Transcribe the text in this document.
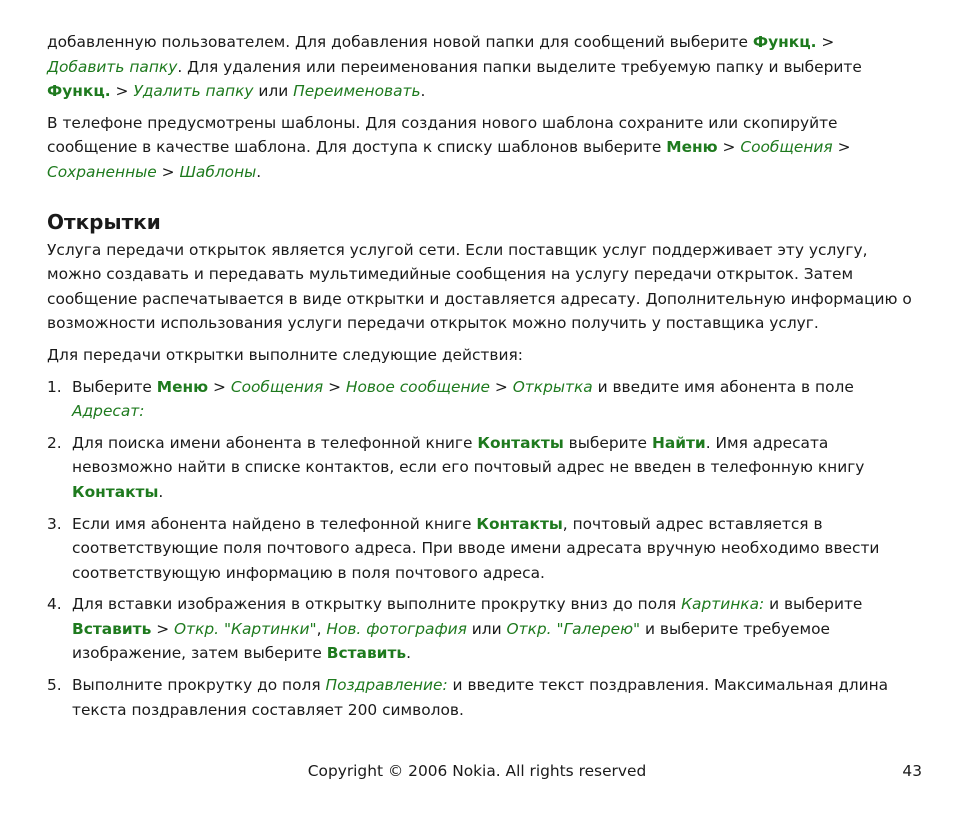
добавленную пользователем. Для добавления новой папки для сообщений выберите Функц. > Добавить папку. Для удаления или переименования папки выделите требуемую папку и выберите Функц. > Удалить папку или Переименовать.

В телефоне предусмотрены шаблоны. Для создания нового шаблона сохраните или скопируйте сообщение в качестве шаблона. Для доступа к списку шаблонов выберите Меню > Сообщения > Сохраненные > Шаблоны.

Открытки

Услуга передачи открыток является услугой сети. Если поставщик услуг поддерживает эту услугу, можно создавать и передавать мультимедийные сообщения на услугу передачи открыток. Затем сообщение распечатывается в виде открытки и доставляется адресату. Дополнительную информацию о возможности использования услуги передачи открыток можно получить у поставщика услуг.

Для передачи открытки выполните следующие действия:

1. Выберите Меню > Сообщения > Новое сообщение > Открытка и введите имя абонента в поле Адресат:
2. Для поиска имени абонента в телефонной книге Контакты выберите Найти. Имя адресата невозможно найти в списке контактов, если его почтовый адрес не введен в телефонную книгу Контакты.
3. Если имя абонента найдено в телефонной книге Контакты, почтовый адрес вставляется в соответствующие поля почтового адреса. При вводе имени адресата вручную необходимо ввести соответствующую информацию в поля почтового адреса.
4. Для вставки изображения в открытку выполните прокрутку вниз до поля Картинка: и выберите Вставить > Откр. "Картинки", Нов. фотография или Откр. "Галерею" и выберите требуемое изображение, затем выберите Вставить.
5. Выполните прокрутку до поля Поздравление: и введите текст поздравления. Максимальная длина текста поздравления составляет 200 символов.
Copyright © 2006 Nokia. All rights reserved	43
